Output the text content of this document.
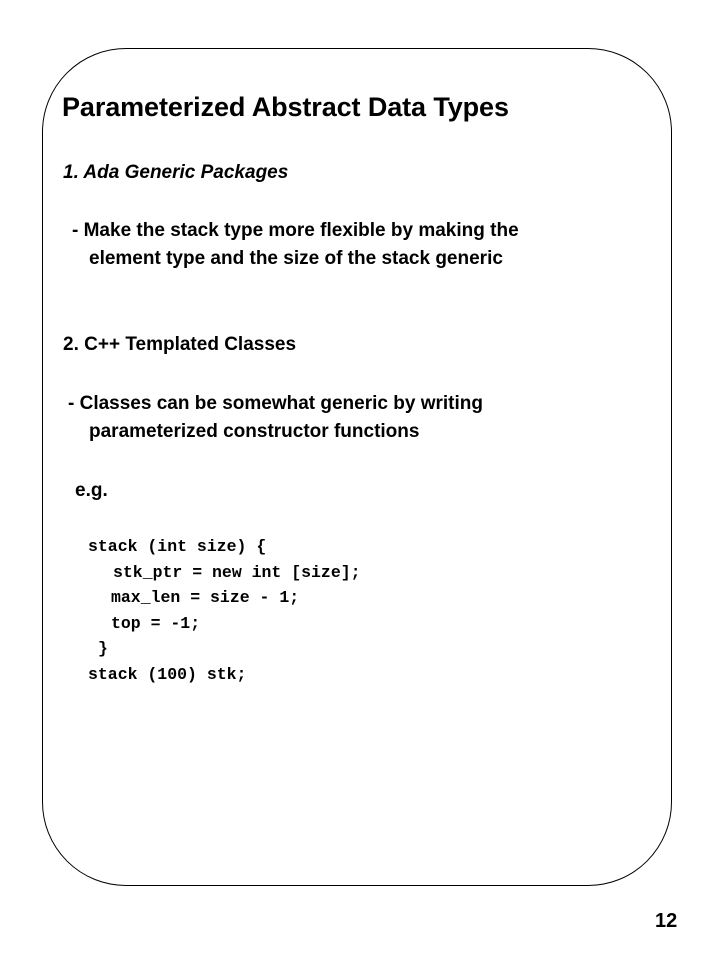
Parameterized Abstract Data Types
1. Ada Generic Packages
- Make the stack type more flexible by making the
element type and the size of the stack generic
2. C++ Templated Classes
- Classes can be somewhat generic by writing
parameterized constructor functions
e.g.
stack (int size) {
stk_ptr = new int [size];
max_len = size - 1;
top = -1;
}
stack (100) stk;
12
